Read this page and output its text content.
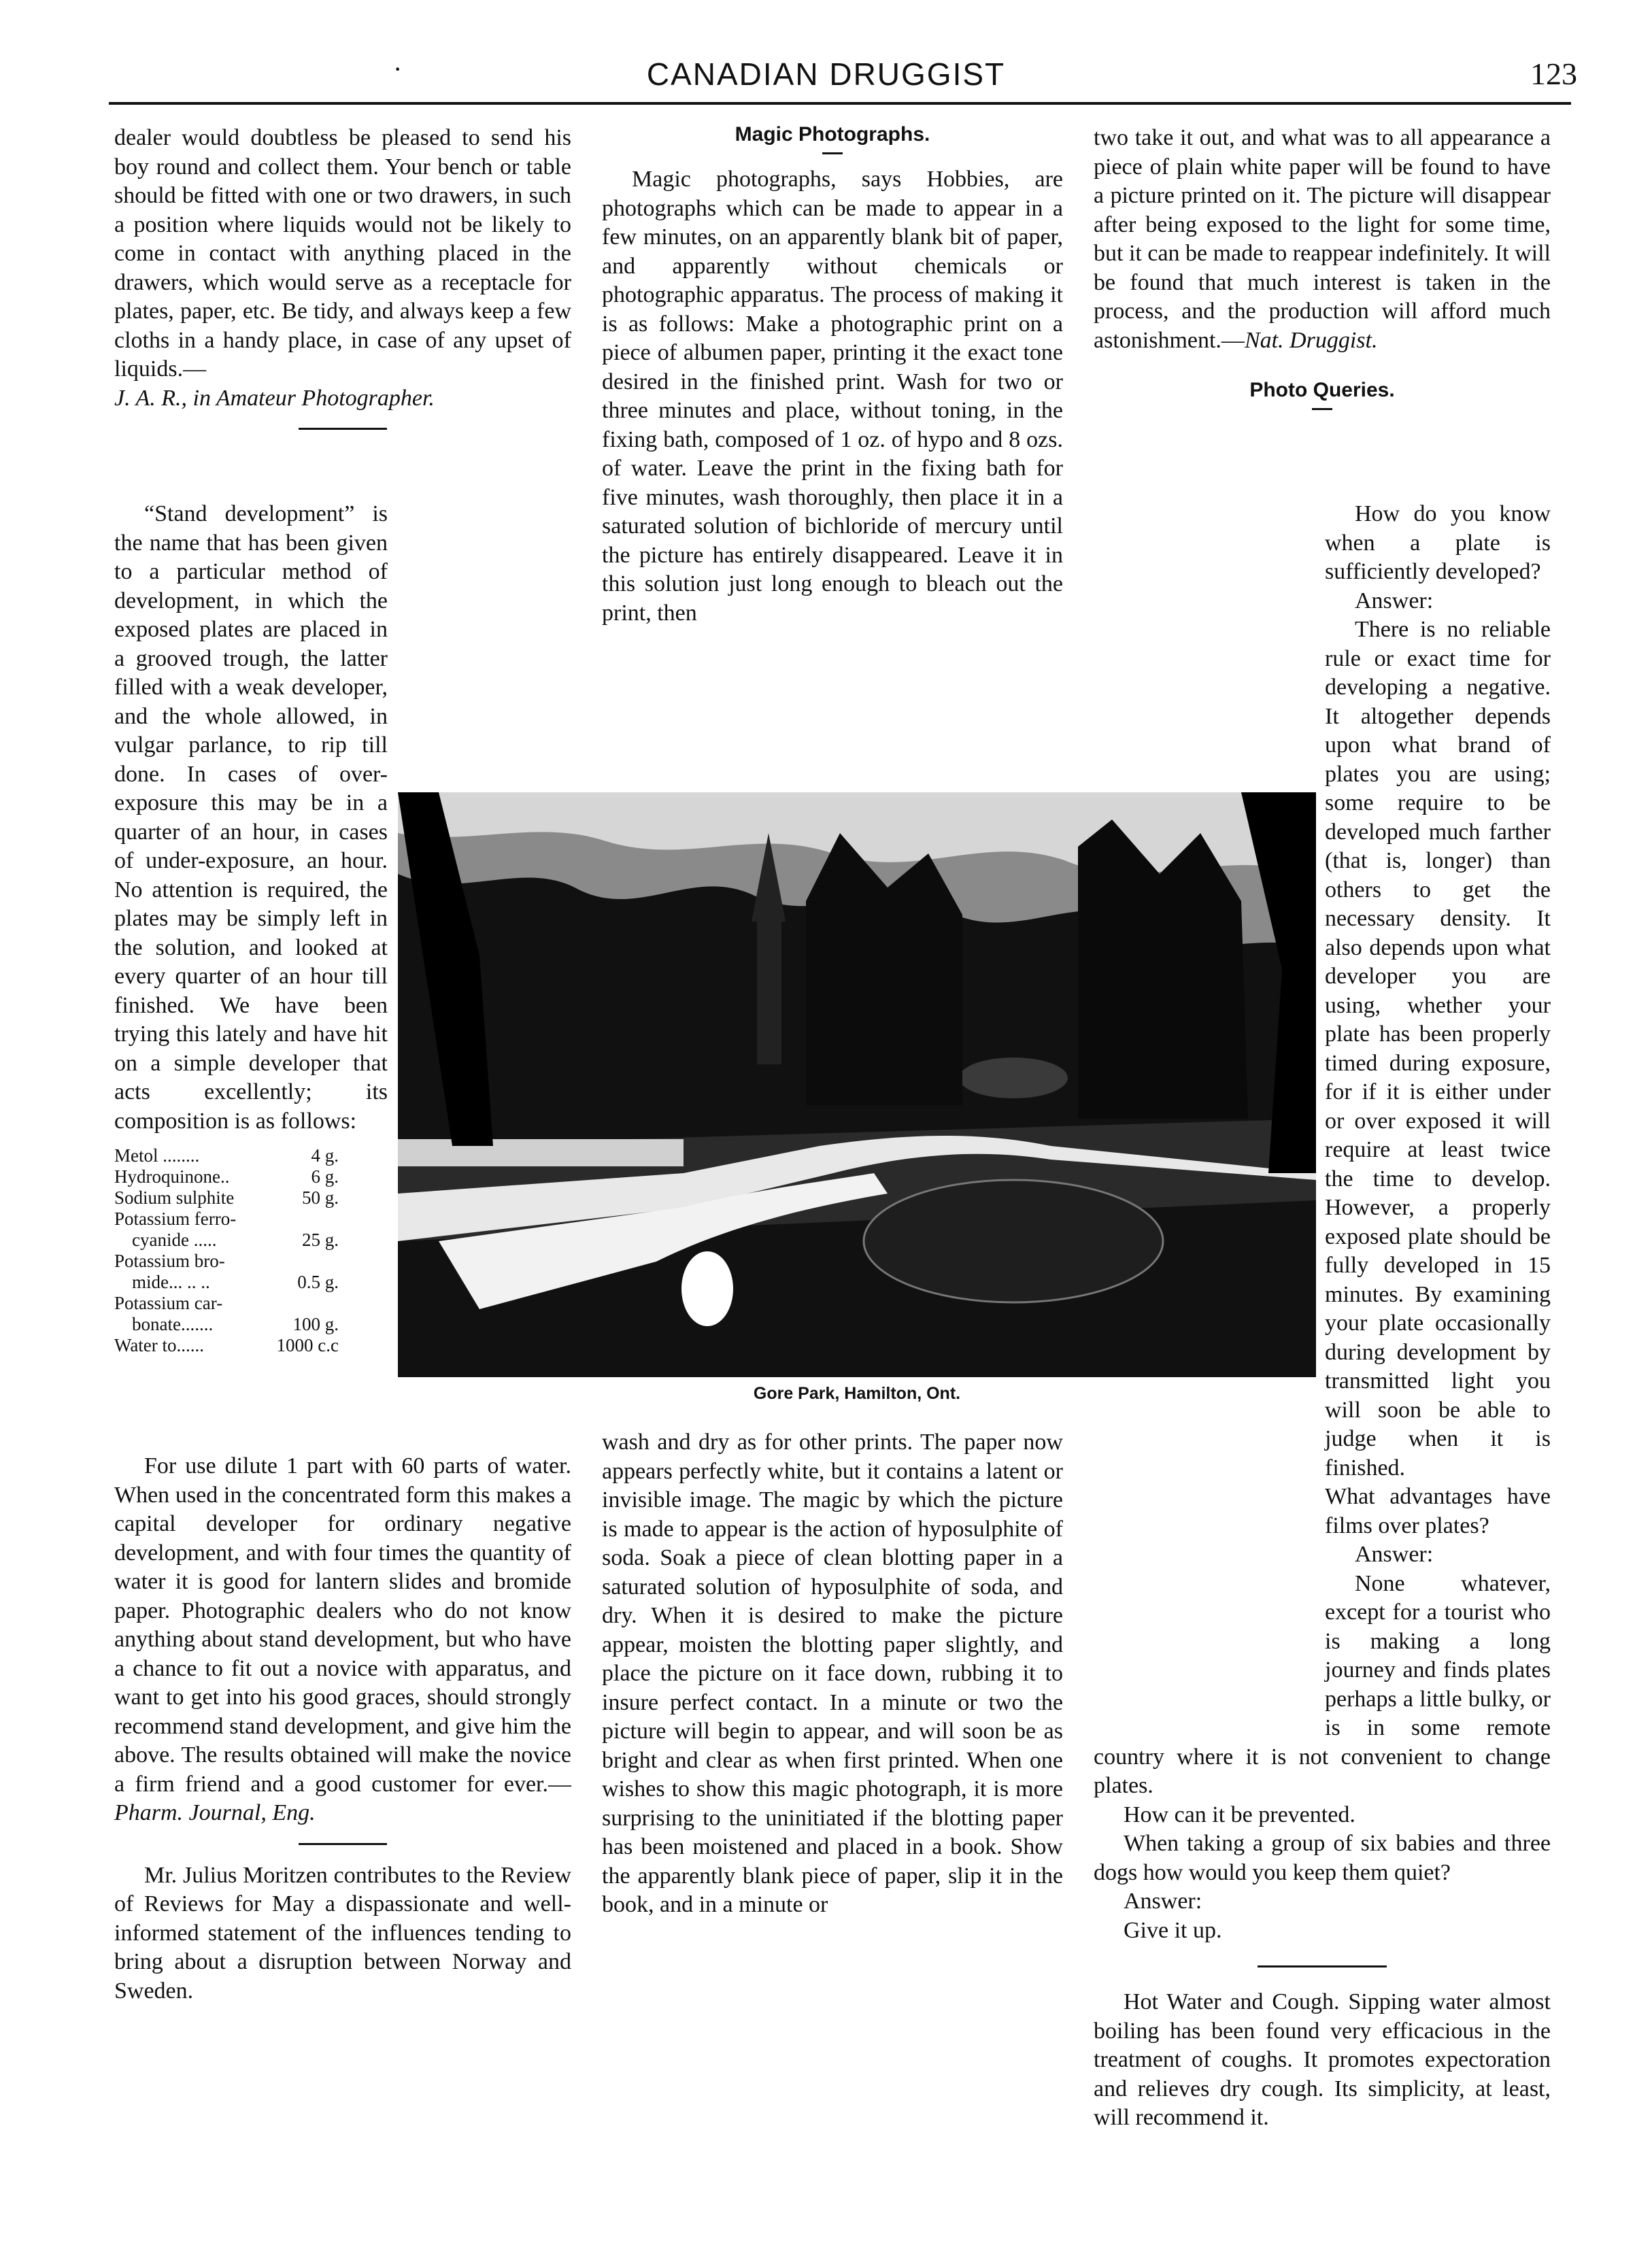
·	CANADIAN DRUGGIST	123

dealer would doubtless be pleased to send his boy round and collect them. Your bench or table should be fitted with one or two drawers, in such a position where liquids would not be likely to come in contact with anything placed in the drawers, which would serve as a receptacle for plates, paper, etc. Be tidy, and always keep a few cloths in a handy place, in case of any upset of liquids.—

J. A. R., in Amateur Photographer.

“Stand development” is the name that has been given to a particular method of development, in which the exposed plates are placed in a grooved trough, the latter filled with a weak developer, and the whole allowed, in vulgar parlance, to rip till done. In cases of over-exposure this may be in a quarter of an hour, in cases of under-exposure, an hour. No attention is required, the plates may be simply left in the solution, and looked at every quarter of an hour till finished. We have been trying this lately and have hit on a simple developer that acts excellently; its composition is as follows:

Metol ........	4 g.
Hydroquinone..	6 g.
Sodium sulphite	50 g.
Potassium ferro-
cyanide .....	25 g.
Potassium bro-
mide... .. ..	0.5 g.
Potassium car-
bonate.......	100 g.
Water to......	1000 c.c

For use dilute 1 part with 60 parts of water. When used in the concentrated form this makes a capital developer for ordinary negative development, and with four times the quantity of water it is good for lantern slides and bromide paper. Photographic dealers who do not know anything about stand development, but who have a chance to fit out a novice with apparatus, and want to get into his good graces, should strongly recommend stand development, and give him the above. The results obtained will make the novice a firm friend and a good customer for ever.—Pharm. Journal, Eng.

Mr. Julius Moritzen contributes to the Review of Reviews for May a dispassionate and well-informed statement of the influences tending to bring about a disruption between Norway and Sweden.

Magic Photographs.

Magic photographs, says Hobbies, are photographs which can be made to appear in a few minutes, on an apparently blank bit of paper, and apparently without chemicals or photographic apparatus. The process of making it is as follows: Make a photographic print on a piece of albumen paper, printing it the exact tone desired in the finished print. Wash for two or three minutes and place, without toning, in the fixing bath, composed of 1 oz. of hypo and 8 ozs. of water. Leave the print in the fixing bath for five minutes, wash thoroughly, then place it in a saturated solution of bichloride of mercury until the picture has entirely disappeared. Leave it in this solution just long enough to bleach out the print, then

Gore Park, Hamilton, Ont.

wash and dry as for other prints. The paper now appears perfectly white, but it contains a latent or invisible image. The magic by which the picture is made to appear is the action of hyposulphite of soda. Soak a piece of clean blotting paper in a saturated solution of hyposulphite of soda, and dry. When it is desired to make the picture appear, moisten the blotting paper slightly, and place the picture on it face down, rubbing it to insure perfect contact. In a minute or two the picture will begin to appear, and will soon be as bright and clear as when first printed. When one wishes to show this magic photograph, it is more surprising to the uninitiated if the blotting paper has been moistened and placed in a book. Show the apparently blank piece of paper, slip it in the book, and in a minute or

two take it out, and what was to all appearance a piece of plain white paper will be found to have a picture printed on it. The picture will disappear after being exposed to the light for some time, but it can be made to reappear indefinitely. It will be found that much interest is taken in the process, and the production will afford much astonishment.—Nat. Druggist.

Photo Queries.

How do you know when a plate is sufficiently developed?

Answer:

There is no reliable rule or exact time for developing a negative. It altogether depends upon what brand of plates you are using; some require to be developed much farther (that is, longer) than others to get the necessary density. It also depends upon what developer you are using, whether your plate has been properly timed during exposure, for if it is either under or over exposed it will require at least twice the time to develop. However, a properly exposed plate should be fully developed in 15 minutes. By examining your plate occasionally during development by transmitted light you will soon be able to judge when it is finished.

What advantages have films over plates?

Answer:

None whatever, except for a tourist who is making a long journey and finds plates perhaps a little bulky, or is in some remote country where it is not convenient to change plates.

How can it be prevented.

When taking a group of six babies and three dogs how would you keep them quiet?

Answer:

Give it up.

Hot Water and Cough. Sipping water almost boiling has been found very efficacious in the treatment of coughs. It promotes expectoration and relieves dry cough. Its simplicity, at least, will recommend it.
